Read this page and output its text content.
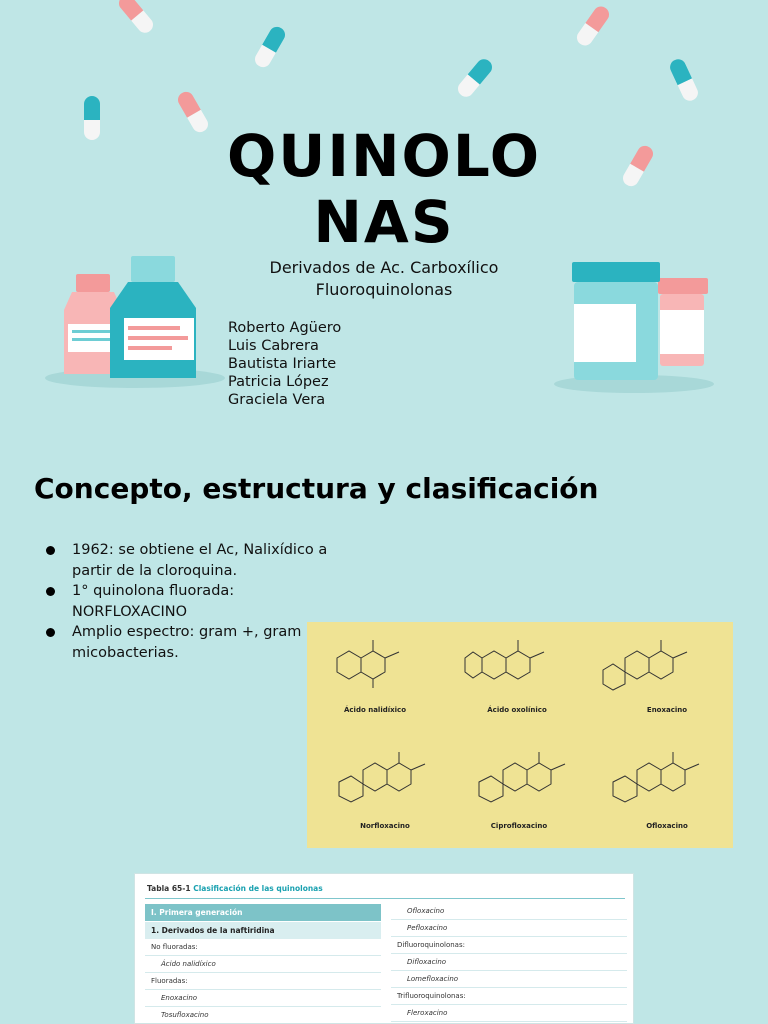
QUINOLO
NAS
Derivados de Ac. Carboxílico
Fluoroquinolonas
Roberto Agüero
Luis Cabrera
Bautista Iriarte
Patricia López
Graciela Vera
Concepto, estructura y clasificación
1962: se obtiene el Ac, Nalixídico a partir de la cloroquina.
1° quinolona fluorada: NORFLOXACINO
Amplio espectro: gram +, gram micobacterias.
Ácido nalidíxico	Ácido oxolínico	Enoxacino
Norfloxacino	Ciprofloxacino	Ofloxacino
Tabla 65-1 Clasificación de las quinolonas
I. Primera generación
1. Derivados de la naftiridina
No fluoradas:
Ácido nalidíxico
Fluoradas:
Enoxacino
Tosufloxacino
Ofloxacino
Pefloxacino
Difluoroquinolonas:
Difloxacino
Lomefloxacino
Trifluoroquinolonas:
Fleroxacino
